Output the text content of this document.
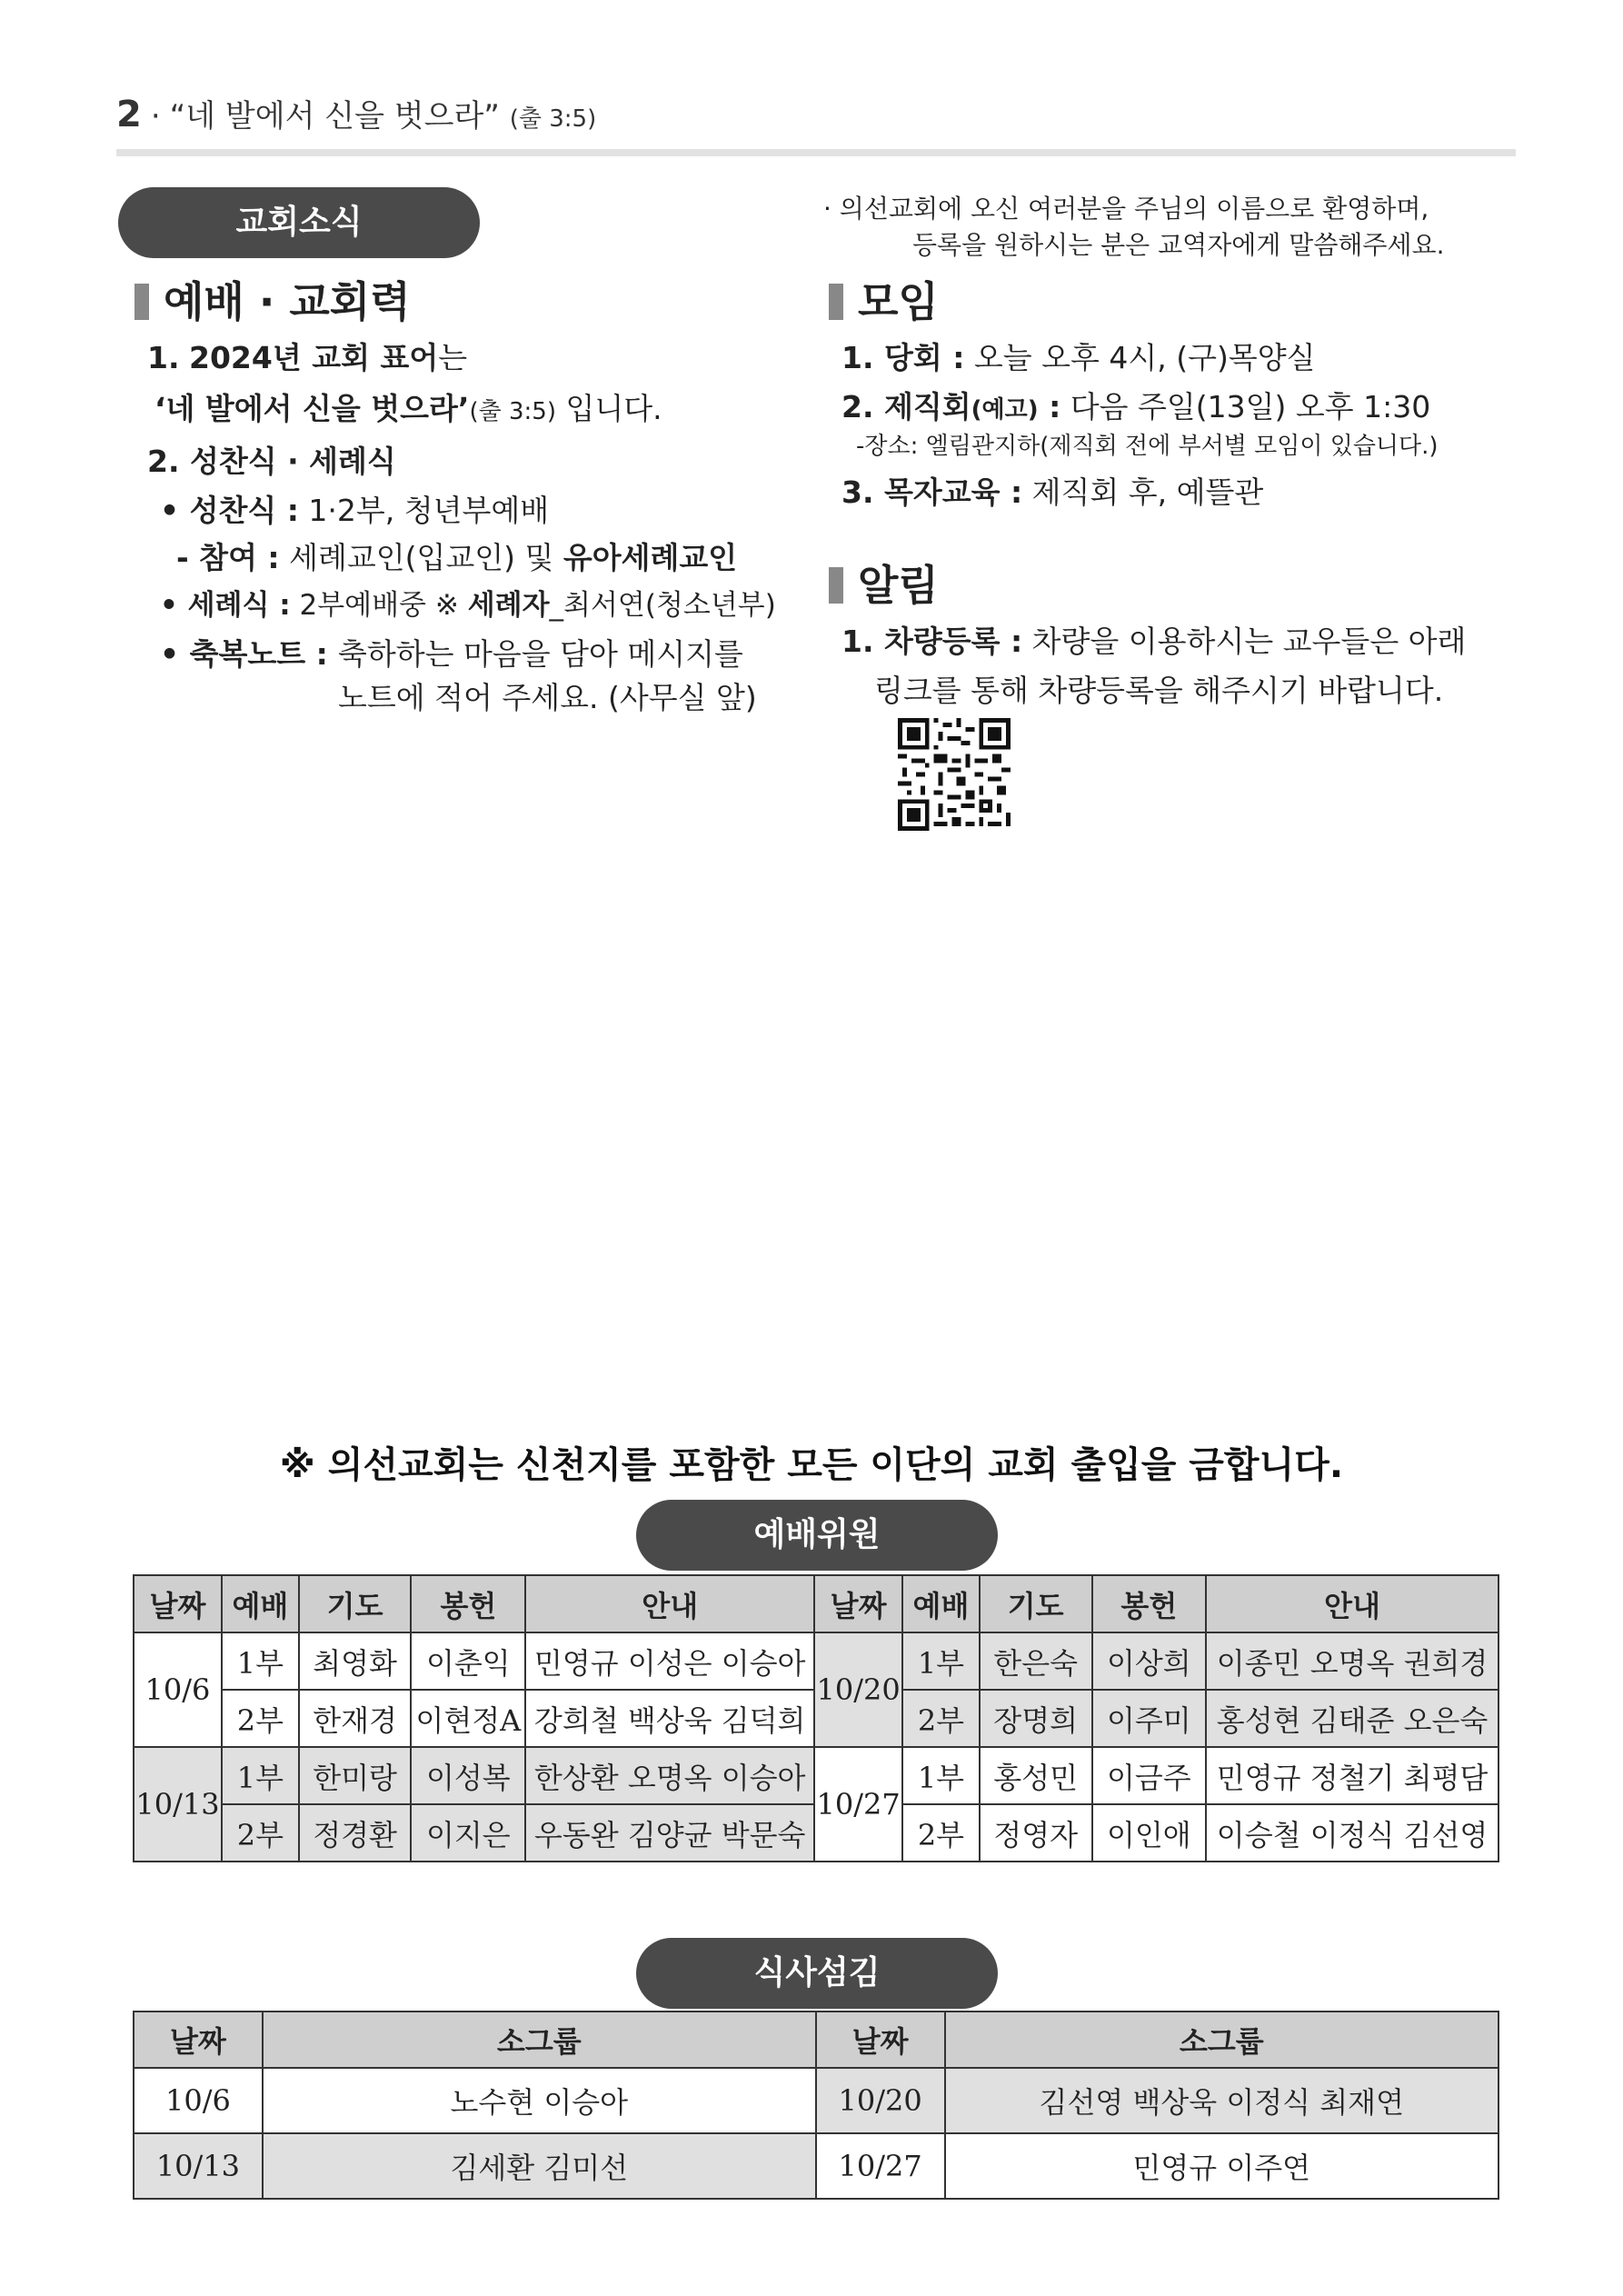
2 · “네 발에서 신을 벗으라” (출 3:5)
교회소식
예배 · 교회력
1. 2024년 교회 표어는
‘네 발에서 신을 벗으라’(출 3:5) 입니다.
2. 성찬식 · 세례식
• 성찬식 : 1·2부, 청년부예배
- 참여 : 세례교인(입교인) 및 유아세례교인
• 세례식 : 2부예배중 ※ 세례자_최서연(청소년부)
• 축복노트 : 축하하는 마음을 담아 메시지를
노트에 적어 주세요. (사무실 앞)
· 의선교회에 오신 여러분을 주님의 이름으로 환영하며,
등록을 원하시는 분은 교역자에게 말씀해주세요.
모임
1. 당회 : 오늘 오후 4시, (구)목양실
2. 제직회(예고) : 다음 주일(13일) 오후 1:30
-장소: 엘림관지하(제직회 전에 부서별 모임이 있습니다.)
3. 목자교육 : 제직회 후, 예뜰관
알림
1. 차량등록 : 차량을 이용하시는 교우들은 아래
링크를 통해 차량등록을 해주시기 바랍니다.
※ 의선교회는 신천지를 포함한 모든 이단의 교회 출입을 금합니다.
예배위원
날짜	예배	기도	봉헌	안내	날짜	예배	기도	봉헌	안내
10/6	1부	최영화	이춘익	민영규 이성은 이승아	10/20	1부	한은숙	이상희	이종민 오명옥 권희경
	2부	한재경	이현정A	강희철 백상욱 김덕희		2부	장명희	이주미	홍성현 김태준 오은숙
10/13	1부	한미랑	이성복	한상환 오명옥 이승아	10/27	1부	홍성민	이금주	민영규 정철기 최평담
	2부	정경환	이지은	우동완 김양균 박문숙		2부	정영자	이인애	이승철 이정식 김선영
식사섬김
날짜	소그룹	날짜	소그룹
10/6	노수현 이승아	10/20	김선영 백상욱 이정식 최재연
10/13	김세환 김미선	10/27	민영규 이주연
